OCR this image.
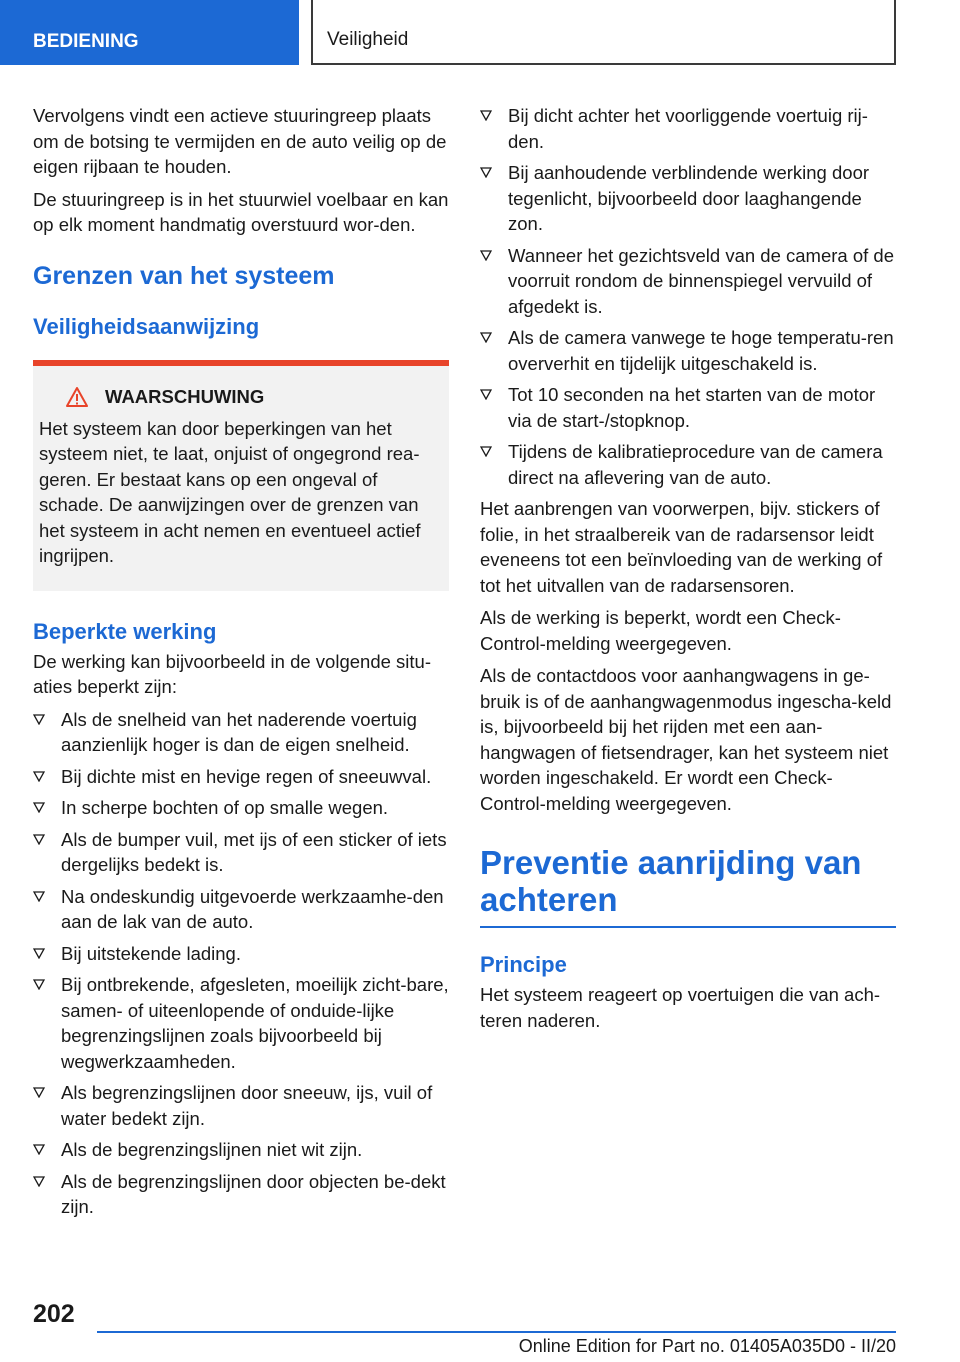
BEDIENING	Veiligheid

Vervolgens vindt een actieve stuuringreep plaats om de botsing te vermijden en de auto veilig op de eigen rijbaan te houden.

De stuuringreep is in het stuurwiel voelbaar en kan op elk moment handmatig overstuurd wor-den.

Grenzen van het systeem
Veiligheidsaanwijzing
WAARSCHUWING

Het systeem kan door beperkingen van het systeem niet, te laat, onjuist of ongegrond rea-geren. Er bestaat kans op een ongeval of schade. De aanwijzingen over de grenzen van het systeem in acht nemen en eventueel actief ingrijpen.

Beperkte werking

De werking kan bijvoorbeeld in de volgende situ-aties beperkt zijn:

Als de snelheid van het naderende voertuig aanzienlijk hoger is dan de eigen snelheid.
Bij dichte mist en hevige regen of sneeuwval.
In scherpe bochten of op smalle wegen.
Als de bumper vuil, met ijs of een sticker of iets dergelijks bedekt is.
Na ondeskundig uitgevoerde werkzaamhe-den aan de lak van de auto.
Bij uitstekende lading.
Bij ontbrekende, afgesleten, moeilijk zicht-bare, samen- of uiteenlopende of onduide-lijke begrenzingslijnen zoals bijvoorbeeld bij wegwerkzaamheden.
Als begrenzingslijnen door sneeuw, ijs, vuil of water bedekt zijn.
Als de begrenzingslijnen niet wit zijn.
Als de begrenzingslijnen door objecten be-dekt zijn.
Bij dicht achter het voorliggende voertuig rij-den.
Bij aanhoudende verblindende werking door tegenlicht, bijvoorbeeld door laaghangende zon.
Wanneer het gezichtsveld van de camera of de voorruit rondom de binnenspiegel vervuild of afgedekt is.
Als de camera vanwege te hoge temperatu-ren oververhit en tijdelijk uitgeschakeld is.
Tot 10 seconden na het starten van de motor via de start-/stopknop.
Tijdens de kalibratieprocedure van de camera direct na aflevering van de auto.

Het aanbrengen van voorwerpen, bijv. stickers of folie, in het straalbereik van de radarsensor leidt eveneens tot een beïnvloeding van de werking of tot het uitvallen van de radarsensoren.

Als de werking is beperkt, wordt een Check-Control-melding weergegeven.

Als de contactdoos voor aanhangwagens in ge-bruik is of de aanhangwagenmodus ingescha-keld is, bijvoorbeeld bij het rijden met een aan-hangwagen of fietsendrager, kan het systeem niet worden ingeschakeld. Er wordt een Check-Control-melding weergegeven.

Preventie aanrijding van achteren
Principe

Het systeem reageert op voertuigen die van ach-teren naderen.

202
Online Edition for Part no. 01405A035D0 - II/20
